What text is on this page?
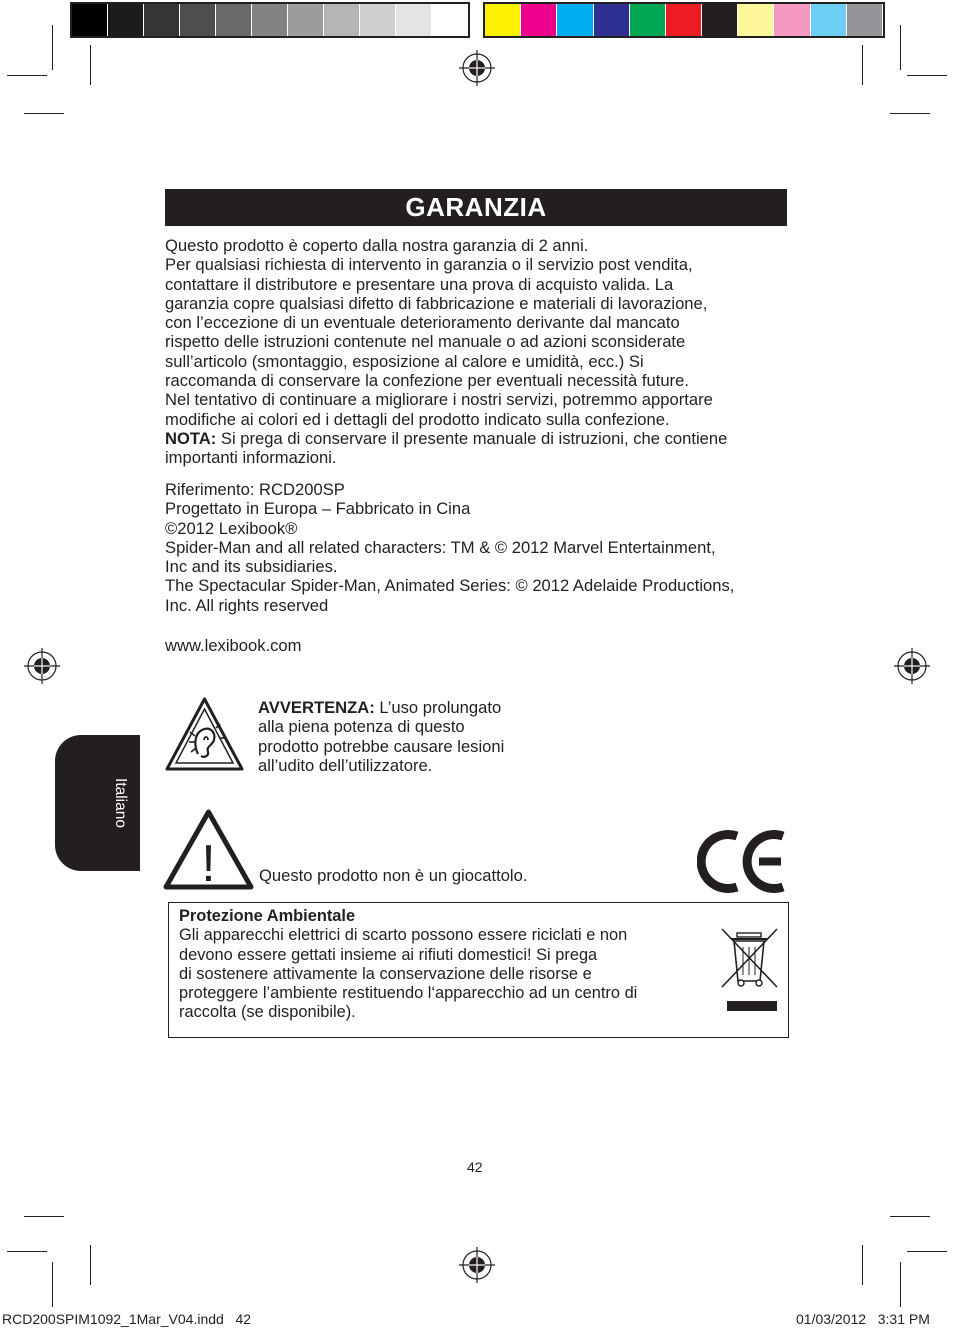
GARANZIA
Questo prodotto è coperto dalla nostra garanzia di 2 anni.
Per qualsiasi richiesta di intervento in garanzia o il servizio post vendita,
contattare il distributore e presentare una prova di acquisto valida. La
garanzia copre qualsiasi difetto di fabbricazione e materiali di lavorazione,
con l’eccezione di un eventuale deterioramento derivante dal mancato
rispetto delle istruzioni contenute nel manuale o ad azioni sconsiderate
sull’articolo (smontaggio, esposizione al calore e umidità, ecc.) Si
raccomanda di conservare la confezione per eventuali necessità future.
Nel tentativo di continuare a migliorare i nostri servizi, potremmo apportare
modifiche ai colori ed i dettagli del prodotto indicato sulla confezione.
NOTA: Si prega di conservare il presente manuale di istruzioni, che contiene
importanti informazioni.
Riferimento: RCD200SP
Progettato in Europa – Fabbricato in Cina
©2012 Lexibook®
Spider-Man and all related characters: TM & © 2012 Marvel Entertainment,
Inc and its subsidiaries.
The Spectacular Spider-Man, Animated Series: © 2012 Adelaide Productions,
Inc. All rights reserved
www.lexibook.com
Italiano
AVVERTENZA: L’uso prolungato
alla piena potenza di questo
prodotto potrebbe causare lesioni
all’udito dell’utilizzatore.
!	Questo prodotto non è un giocattolo.
Protezione Ambientale
Gli apparecchi elettrici di scarto possono essere riciclati e non
devono essere gettati insieme ai rifiuti domestici! Si prega
di sostenere attivamente la conservazione delle risorse e
proteggere l’ambiente restituendo l‘apparecchio ad un centro di
raccolta (se disponibile).
42
RCD200SPIM1092_1Mar_V04.indd   42	01/03/2012   3:31 PM
